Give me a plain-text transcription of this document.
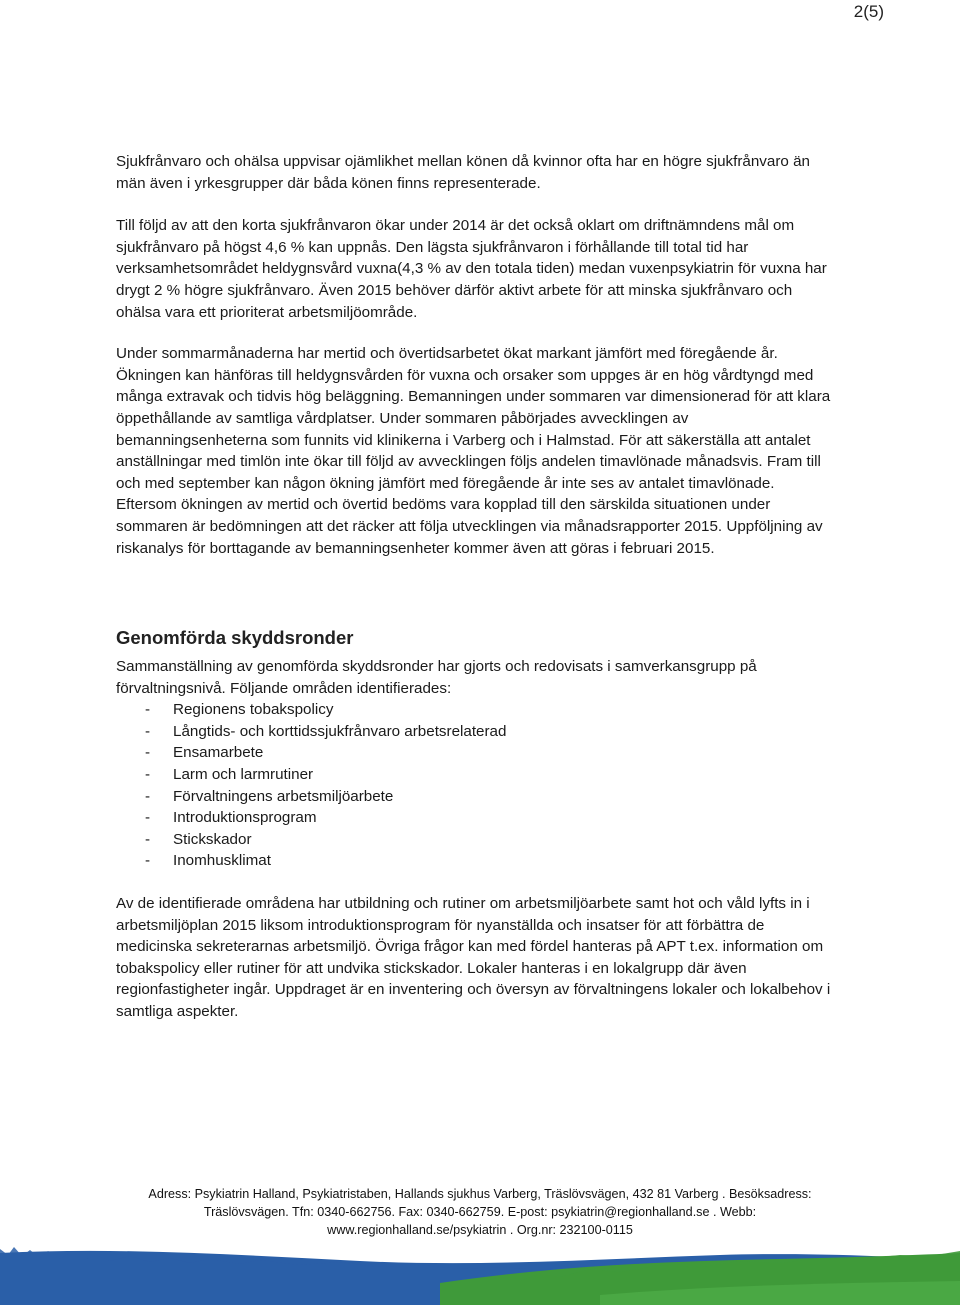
2(5)

Sjukfrånvaro och ohälsa uppvisar ojämlikhet mellan könen då kvinnor ofta har en högre sjukfrånvaro än män även i yrkesgrupper där båda könen finns representerade.

Till följd av att den korta sjukfrånvaron ökar under 2014 är det också oklart om driftnämndens mål om sjukfrånvaro på högst 4,6 % kan uppnås. Den lägsta sjukfrånvaron i förhållande till total tid har verksamhetsområdet heldygnsvård vuxna(4,3 % av den totala tiden) medan vuxenpsykiatrin för vuxna har drygt 2 % högre sjukfrånvaro. Även 2015 behöver därför aktivt arbete för att minska sjukfrånvaro och ohälsa vara ett prioriterat arbetsmiljöområde.

Under sommarmånaderna har mertid och övertidsarbetet ökat markant jämfört med föregående år. Ökningen kan hänföras till heldygnsvården för vuxna och orsaker som uppges är en hög vårdtyngd med många extravak och tidvis hög beläggning. Bemanningen under sommaren var dimensionerad för att klara öppethållande av samtliga vårdplatser. Under sommaren påbörjades avvecklingen av bemanningsenheterna som funnits vid klinikerna i Varberg och i Halmstad. För att säkerställa att antalet anställningar med timlön inte ökar till följd av avvecklingen följs andelen timavlönade månadsvis. Fram till och med september kan någon ökning jämfört med föregående år inte ses av antalet timavlönade. Eftersom ökningen av mertid och övertid bedöms vara kopplad till den särskilda situationen under sommaren är bedömningen att det räcker att följa utvecklingen via månadsrapporter 2015. Uppföljning av riskanalys för borttagande av bemanningsenheter kommer även att göras i februari 2015.

Genomförda skyddsronder

Sammanställning av genomförda skyddsronder har gjorts och redovisats i samverkansgrupp på förvaltningsnivå. Följande områden identifierades:

- Regionens tobakspolicy
- Långtids- och korttidssjukfrånvaro arbetsrelaterad
- Ensamarbete
- Larm och larmrutiner
- Förvaltningens arbetsmiljöarbete
- Introduktionsprogram
- Stickskador
- Inomhusklimat

Av de identifierade områdena har utbildning och rutiner om arbetsmiljöarbete samt hot och våld lyfts in i arbetsmiljöplan 2015 liksom introduktionsprogram för nyanställda och insatser för att förbättra de medicinska sekreterarnas arbetsmiljö. Övriga frågor kan med fördel hanteras på APT t.ex. information om tobakspolicy eller rutiner för att undvika stickskador. Lokaler hanteras i en lokalgrupp där även regionfastigheter ingår. Uppdraget är en inventering och översyn av förvaltningens lokaler och lokalbehov i samtliga aspekter.

Adress: Psykiatrin Halland, Psykiatristaben, Hallands sjukhus Varberg, Träslövsvägen, 432 81 Varberg . Besöksadress:
Träslövsvägen. Tfn: 0340-662756. Fax: 0340-662759. E-post: psykiatrin@regionhalland.se . Webb:
www.regionhalland.se/psykiatrin . Org.nr: 232100-0115
